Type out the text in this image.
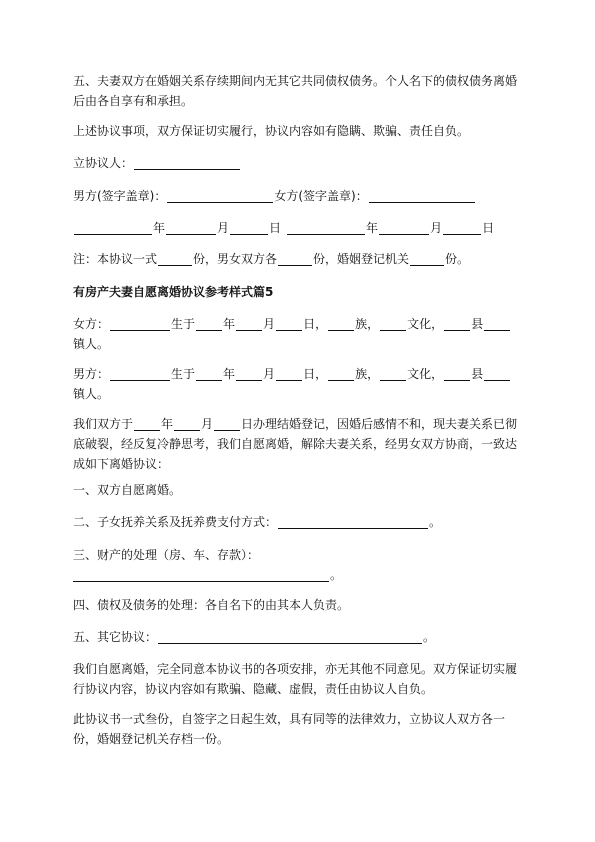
五、夫妻双方在婚姻关系存续期间内无其它共同债权债务。个人名下的债权债务离婚后由各自享有和承担。

上述协议事项，双方保证切实履行，协议内容如有隐瞒、欺骗、责任自负。

立协议人：

男方(签字盖章)：	女方(签字盖章)：

年	月	日	年	月	日

注：本协议一式	份，男女双方各	份，婚姻登记机关	份。

有房产夫妻自愿离婚协议参考样式篇5

女方：	生于 年 月 日， 族， 文化， 县

镇人。

男方：	生于 年 月 日， 族， 文化， 县

镇人。

我们双方于 年 月 日办理结婚登记，因婚后感情不和，现夫妻关系已彻底破裂，经反复冷静思考，我们自愿离婚，解除夫妻关系，经男女双方协商，一致达成如下离婚协议：

一、双方自愿离婚。

二、子女抚养关系及抚养费支付方式：	。

三、财产的处理（房、车、存款）：

。

四、债权及债务的处理：各自名下的由其本人负责。

五、其它协议：	。

我们自愿离婚，完全同意本协议书的各项安排，亦无其他不同意见。双方保证切实履行协议内容，协议内容如有欺骗、隐藏、虚假，责任由协议人自负。

此协议书一式叁份，自签字之日起生效，具有同等的法律效力，立协议人双方各一份，婚姻登记机关存档一份。
